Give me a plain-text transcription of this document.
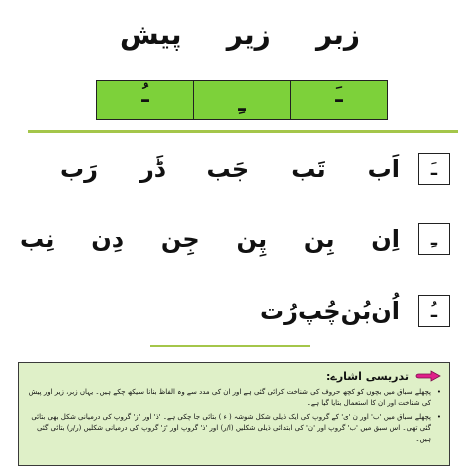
زبر
زیر
پیش
ـَ
ـِ
ـُ
ـَ
اَب
تَب
جَب
ڈَر
رَب
ـِ
اِن
بِن
پِن
جِن
دِن
نِب
ـُ
اُن
بُن
چُپ
رُت
تدریسی اشارے:
• پچھلے سباق میں بچوں کو کچھ حروف کی شناخت کرائی گئی ہے اور ان کی مدد سے وہ الفاظ بنانا سیکھ چکے ہیں۔ یہاں زبر، زیر اور پیش کی شناخت اور ان کا استعمال بتایا گیا ہے۔
• پچھلے سباق میں 'ب' اور ن 'ی' کے گروپ کی ایک ذیلی شکل شوشہ ( ء ) بتائی جا چکی ہے۔ 'ذ' اور 'ز' گروپ کی درمیانی شکل بھی بتائی گئی تھی۔ اس سبق میں 'ب' گروپ اور 'ن' کی ابتدائی ذیلی شکلیں (ﺍ/ﺭ) اور 'ذ' گروپ اور 'ژ' گروپ کی درمیانی شکلیں (ﺭ/ﺭ) بتائی گئی ہیں۔
